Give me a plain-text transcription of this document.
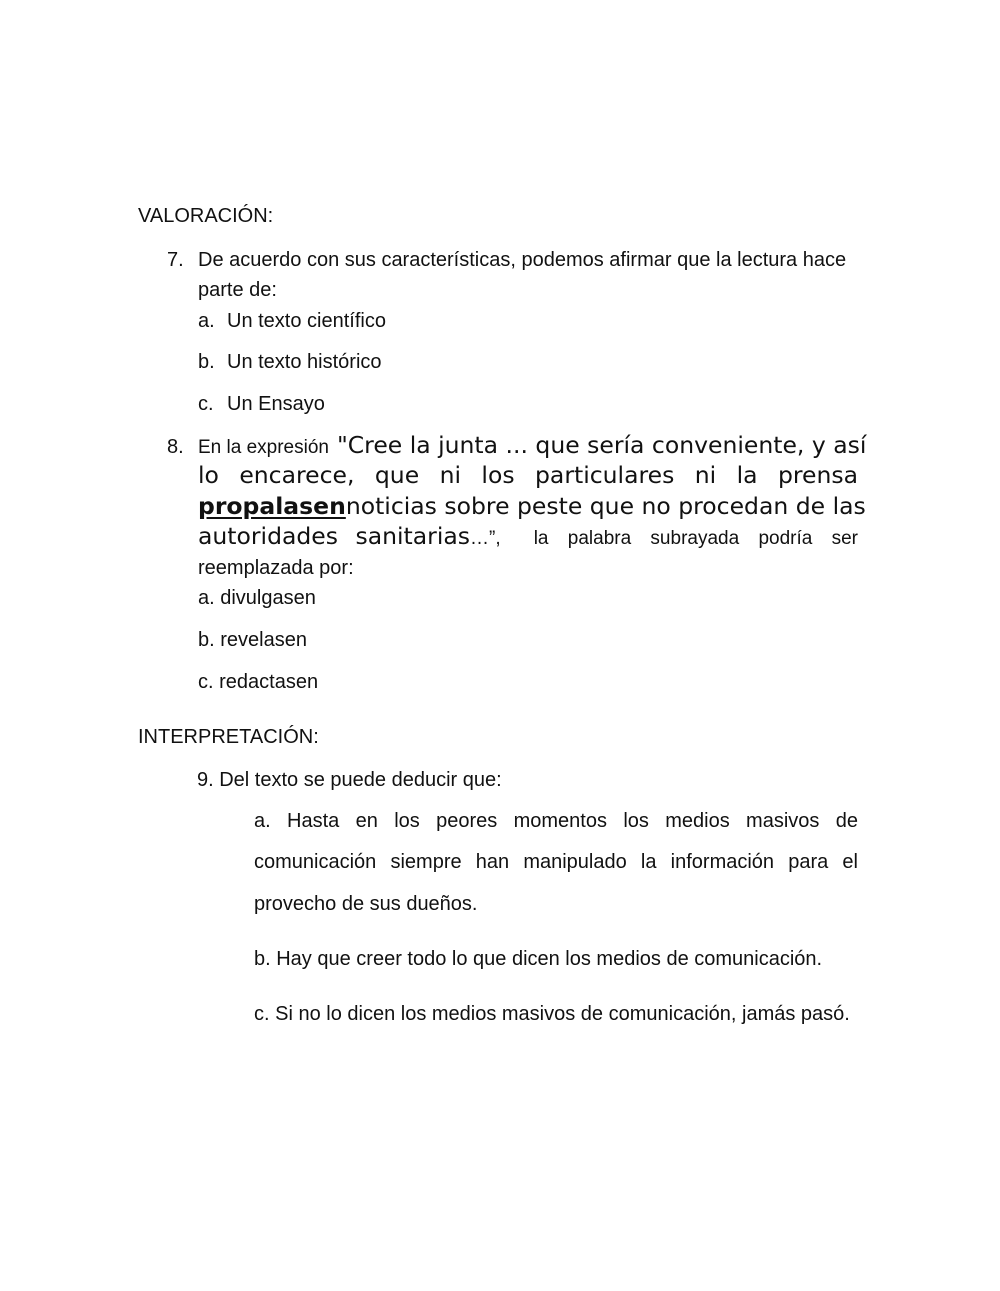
VALORACIÓN:
7. De acuerdo con sus características, podemos afirmar que la lectura hace
parte de:
a. Un texto científico
b. Un texto histórico
c. Un Ensayo
8. En la expresión "Cree la junta ... que sería conveniente, y así
lo encarece, que ni los particulares ni la prensa
propalasen noticias sobre peste que no procedan de las
autoridades sanitarias…”, la palabra subrayada podría ser
reemplazada por:
a. divulgasen
b. revelasen
c. redactasen
INTERPRETACIÓN:
9. Del texto se puede deducir que:
a. Hasta en los peores momentos los medios masivos de
comunicación siempre han manipulado la información para el
provecho de sus dueños.
b. Hay que creer todo lo que dicen los medios de comunicación.
c. Si no lo dicen los medios masivos de comunicación, jamás pasó.
